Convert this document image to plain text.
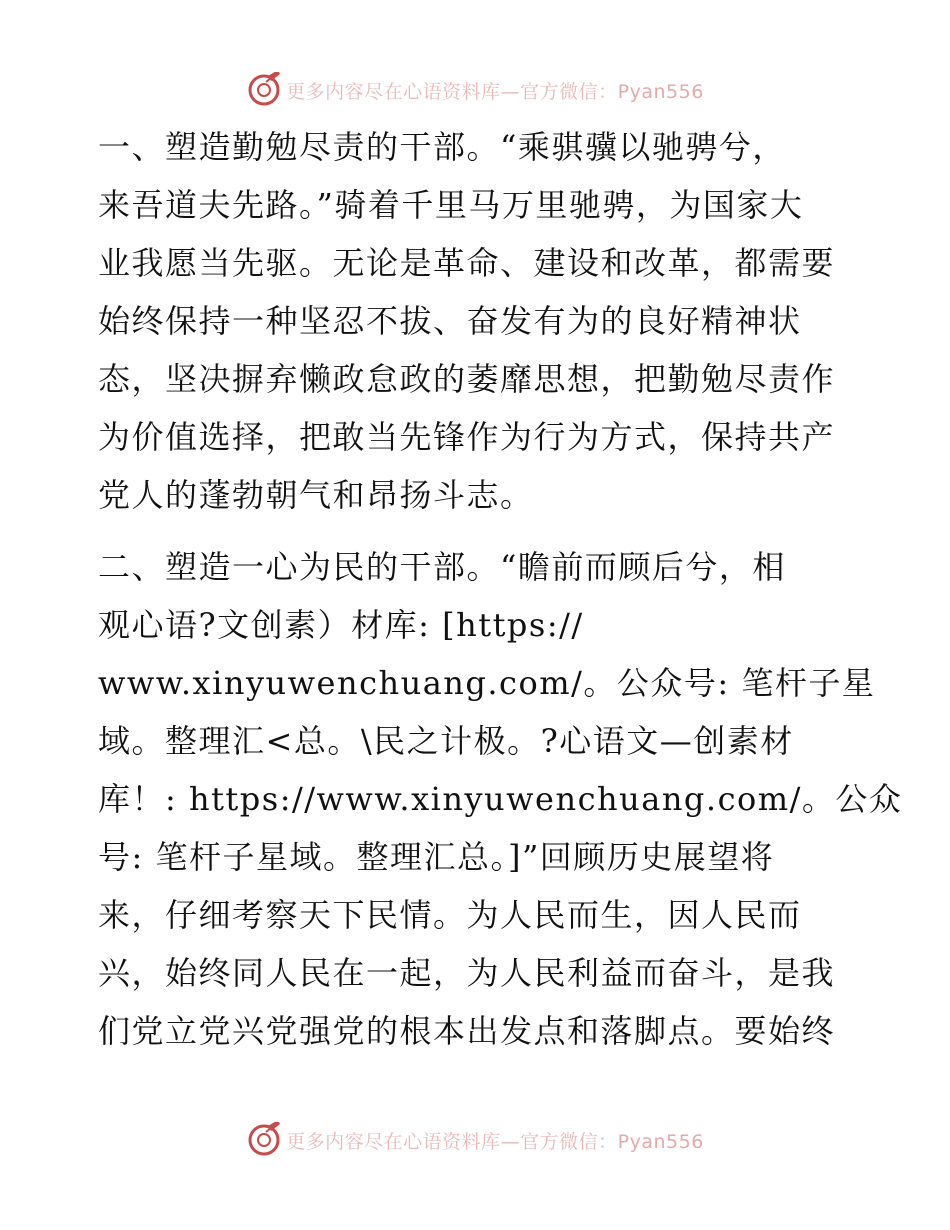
更多内容尽在心语资料库—官方微信：Pyan556
一、塑造勤勉尽责的干部。“乘骐骥以驰骋兮，
来吾道夫先路。”骑着千里马万里驰骋，为国家大
业我愿当先驱。无论是革命、建设和改革，都需要
始终保持一种坚忍不拔、奋发有为的良好精神状
态，坚决摒弃懒政怠政的萎靡思想，把勤勉尽责作
为价值选择，把敢当先锋作为行为方式，保持共产
党人的蓬勃朝气和昂扬斗志。
二、塑造一心为民的干部。“瞻前而顾后兮，相
观心语?文创素）材库: [https://
www.xinyuwenchuang.com/。公众号: 笔杆子星
域。整理汇<总。\民之计极。?心语文—创素材
库！: https://www.xinyuwenchuang.com/。公众
号: 笔杆子星域。整理汇总。]”回顾历史展望将
来，仔细考察天下民情。为人民而生，因人民而
兴，始终同人民在一起，为人民利益而奋斗，是我
们党立党兴党强党的根本出发点和落脚点。要始终
更多内容尽在心语资料库—官方微信：Pyan556
